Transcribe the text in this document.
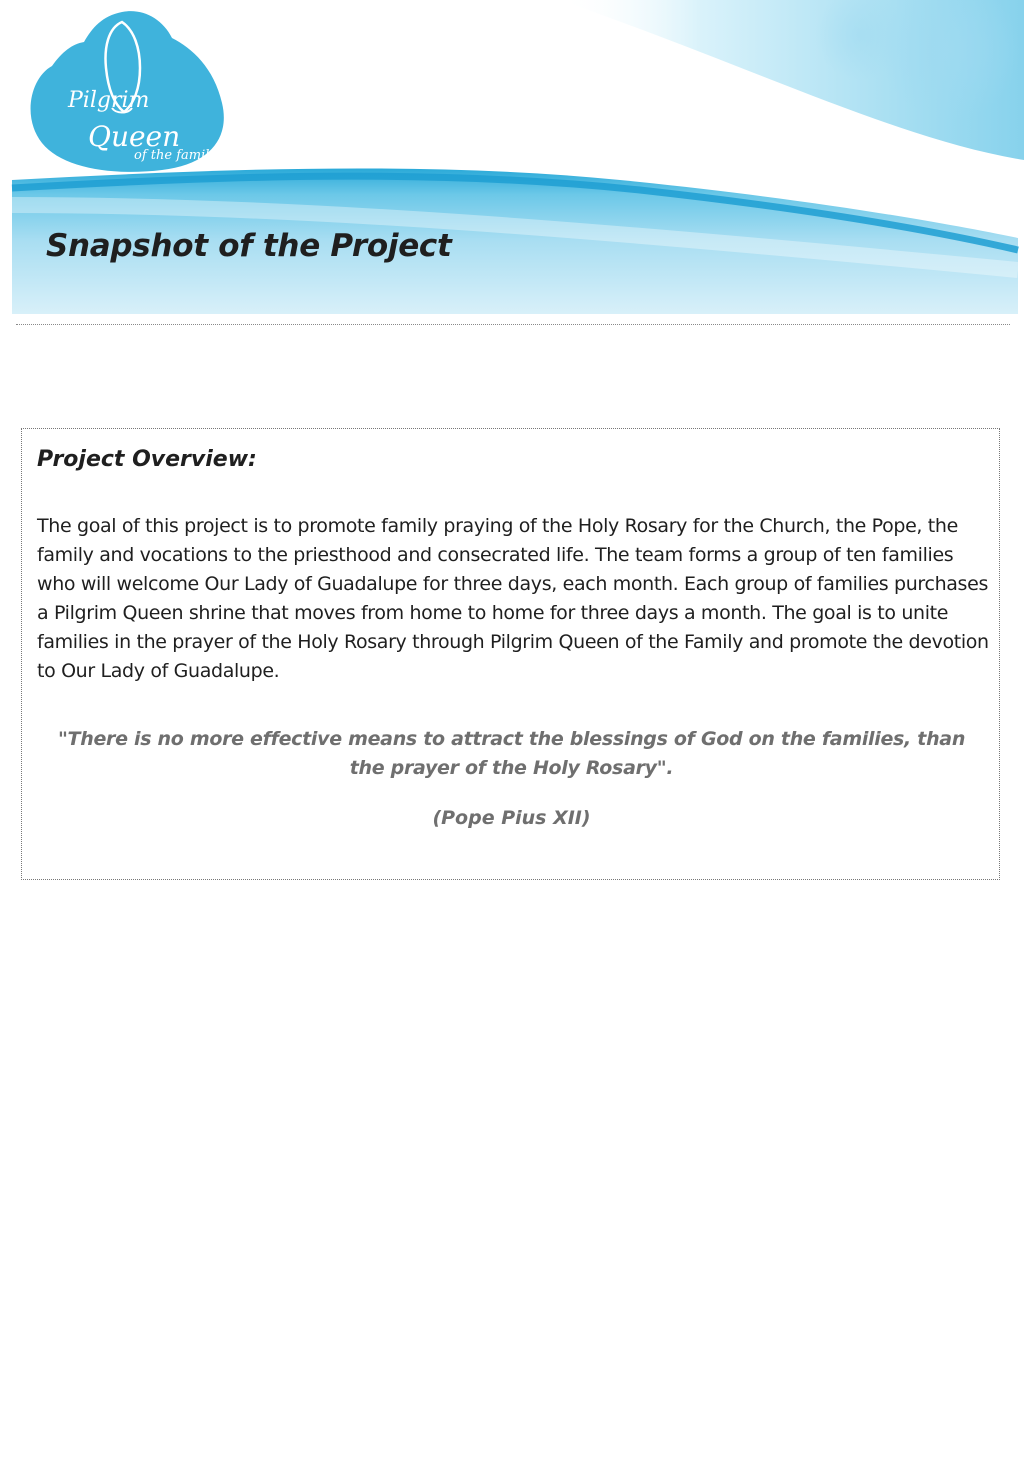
Pilgrim
Queen
of the family
Snapshot of the Project
Project Overview:

The goal of this project is to promote family praying of the Holy Rosary for the Church, the Pope, the family and vocations to the priesthood and consecrated life. The team forms a group of ten families who will welcome Our Lady of Guadalupe for three days, each month. Each group of families purchases a Pilgrim Queen shrine that moves from home to home for three days a month. The goal is to unite families in the prayer of the Holy Rosary through Pilgrim Queen of the Family and promote the devotion to Our Lady of Guadalupe.

"There is no more effective means to attract the blessings of God on the families, than the prayer of the Holy Rosary".

(Pope Pius XII)
